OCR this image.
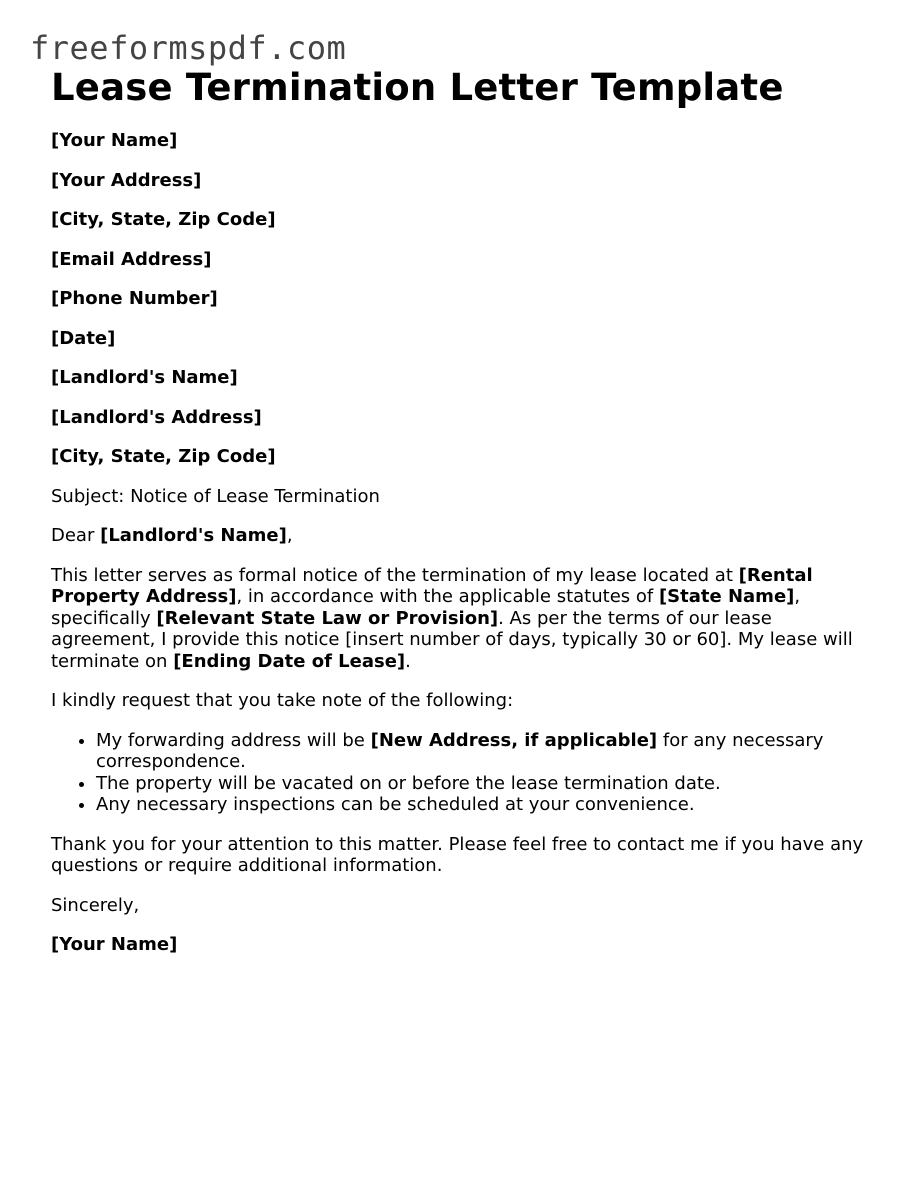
freeformspdf.com
Lease Termination Letter Template

[Your Name]

[Your Address]

[City, State, Zip Code]

[Email Address]

[Phone Number]

[Date]

[Landlord's Name]

[Landlord's Address]

[City, State, Zip Code]

Subject: Notice of Lease Termination

Dear [Landlord's Name],

This letter serves as formal notice of the termination of my lease located at [Rental Property Address], in accordance with the applicable statutes of [State Name], specifically [Relevant State Law or Provision]. As per the terms of our lease agreement, I provide this notice [insert number of days, typically 30 or 60]. My lease will terminate on [Ending Date of Lease].

I kindly request that you take note of the following:

• My forwarding address will be [New Address, if applicable] for any necessary correspondence.
• The property will be vacated on or before the lease termination date.
• Any necessary inspections can be scheduled at your convenience.

Thank you for your attention to this matter. Please feel free to contact me if you have any questions or require additional information.

Sincerely,

[Your Name]
